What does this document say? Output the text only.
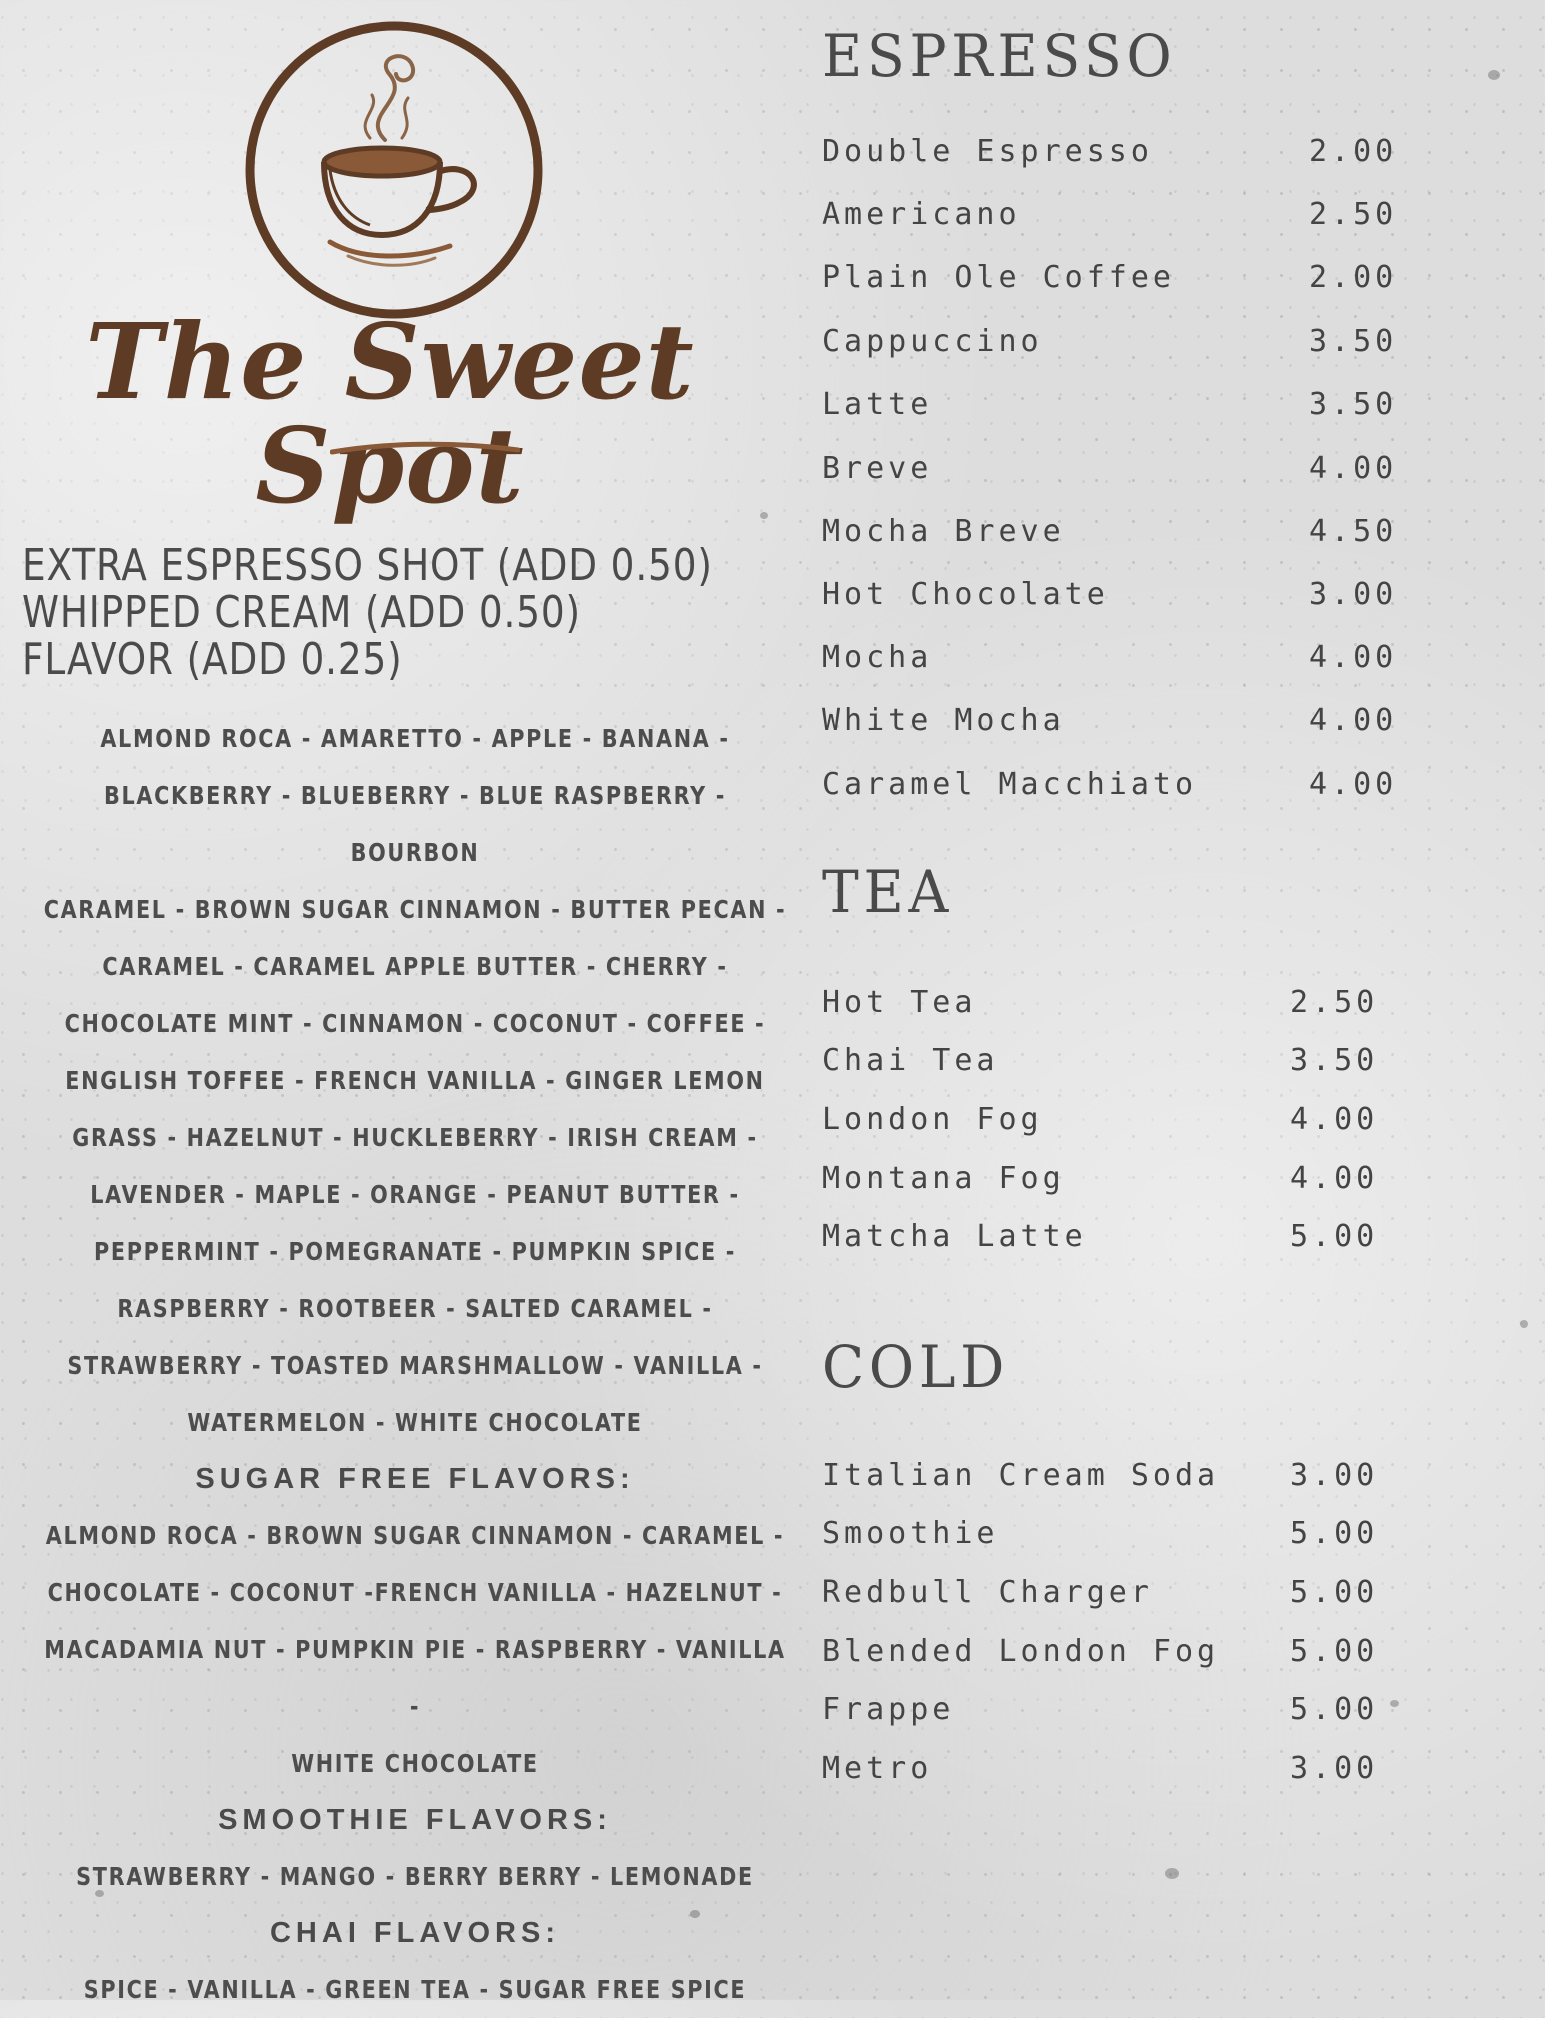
The Sweet Spot
EXTRA ESPRESSO SHOT (ADD 0.50)
WHIPPED CREAM (ADD 0.50)
FLAVOR (ADD 0.25)
ALMOND ROCA - AMARETTO - APPLE - BANANA -
BLACKBERRY - BLUEBERRY - BLUE RASPBERRY - BOURBON
CARAMEL - BROWN SUGAR CINNAMON - BUTTER PECAN -
CARAMEL - CARAMEL APPLE BUTTER - CHERRY -
CHOCOLATE MINT - CINNAMON - COCONUT - COFFEE -
ENGLISH TOFFEE - FRENCH VANILLA - GINGER LEMON
GRASS - HAZELNUT - HUCKLEBERRY - IRISH CREAM -
LAVENDER - MAPLE - ORANGE - PEANUT BUTTER -
PEPPERMINT - POMEGRANATE - PUMPKIN SPICE -
RASPBERRY - ROOTBEER - SALTED CARAMEL -
STRAWBERRY - TOASTED MARSHMALLOW - VANILLA -
WATERMELON - WHITE CHOCOLATE
SUGAR FREE FLAVORS:
ALMOND ROCA - BROWN SUGAR CINNAMON - CARAMEL -
CHOCOLATE - COCONUT -FRENCH VANILLA - HAZELNUT -
MACADAMIA NUT - PUMPKIN PIE - RASPBERRY - VANILLA -
WHITE CHOCOLATE
SMOOTHIE FLAVORS:
STRAWBERRY - MANGO - BERRY BERRY - LEMONADE
CHAI FLAVORS:
SPICE - VANILLA - GREEN TEA - SUGAR FREE SPICE
ESPRESSO
Double Espresso	2.00
Americano	2.50
Plain Ole Coffee	2.00
Cappuccino	3.50
Latte	3.50
Breve	4.00
Mocha Breve	4.50
Hot Chocolate	3.00
Mocha	4.00
White Mocha	4.00
Caramel Macchiato	4.00
TEA
Hot Tea	2.50
Chai Tea	3.50
London Fog	4.00
Montana Fog	4.00
Matcha Latte	5.00
COLD
Italian Cream Soda 3.00
Smoothie	5.00
Redbull Charger	5.00
Blended London Fog 5.00
Frappe	5.00
Metro	3.00
